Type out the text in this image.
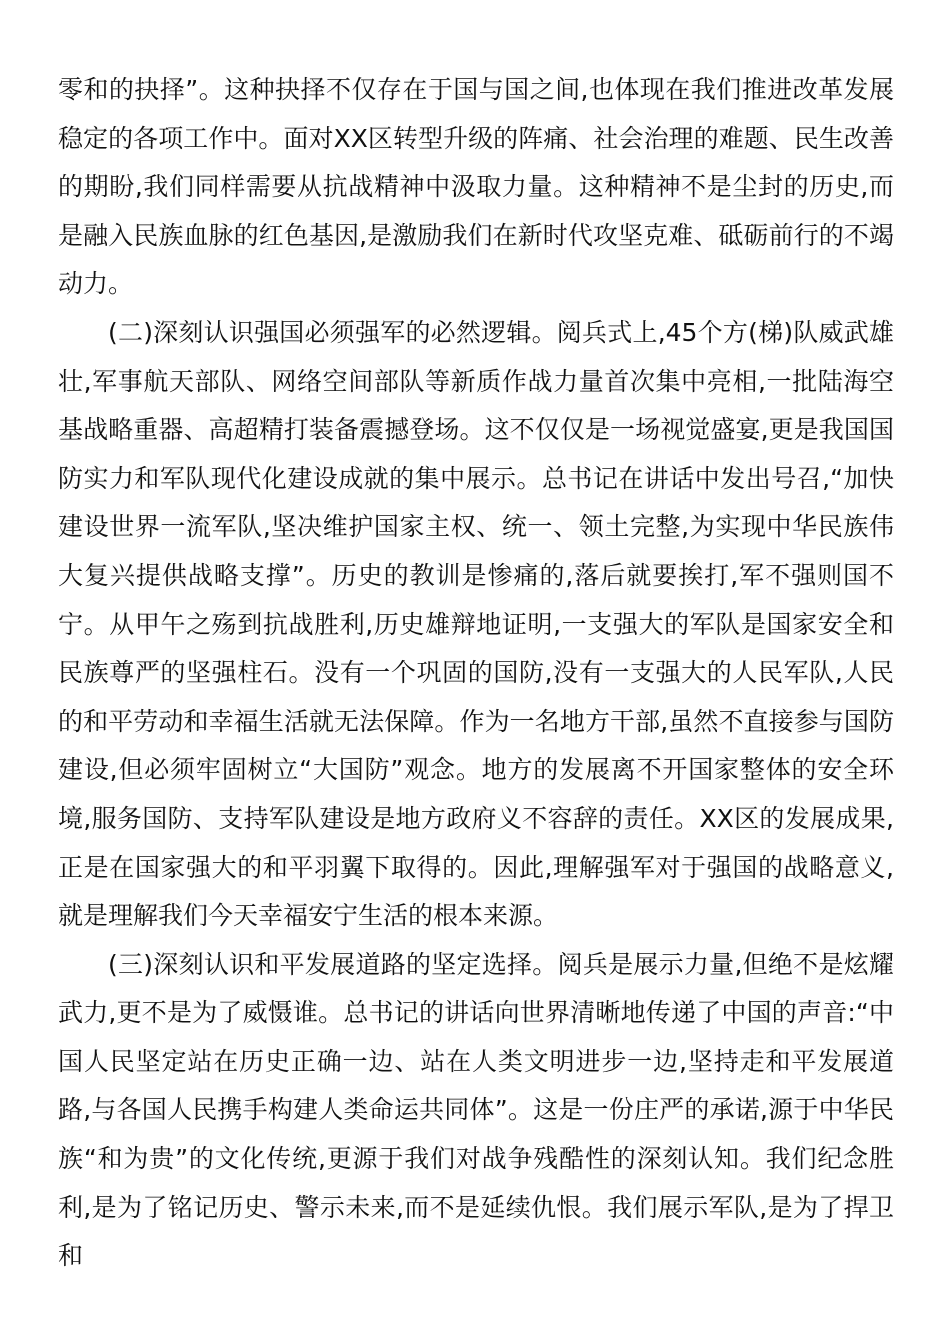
零和的抉择”。这种抉择不仅存在于国与国之间,也体现在我们推进改革发展稳定的各项工作中。面对XX区转型升级的阵痛、社会治理的难题、民生改善的期盼,我们同样需要从抗战精神中汲取力量。这种精神不是尘封的历史,而是融入民族血脉的红色基因,是激励我们在新时代攻坚克难、砥砺前行的不竭动力。

(二)深刻认识强国必须强军的必然逻辑。阅兵式上,45个方(梯)队威武雄壮,军事航天部队、网络空间部队等新质作战力量首次集中亮相,一批陆海空基战略重器、高超精打装备震撼登场。这不仅仅是一场视觉盛宴,更是我国国防实力和军队现代化建设成就的集中展示。总书记在讲话中发出号召,“加快建设世界一流军队,坚决维护国家主权、统一、领土完整,为实现中华民族伟大复兴提供战略支撑”。历史的教训是惨痛的,落后就要挨打,军不强则国不宁。从甲午之殇到抗战胜利,历史雄辩地证明,一支强大的军队是国家安全和民族尊严的坚强柱石。没有一个巩固的国防,没有一支强大的人民军队,人民的和平劳动和幸福生活就无法保障。作为一名地方干部,虽然不直接参与国防建设,但必须牢固树立“大国防”观念。地方的发展离不开国家整体的安全环境,服务国防、支持军队建设是地方政府义不容辞的责任。XX区的发展成果,正是在国家强大的和平羽翼下取得的。因此,理解强军对于强国的战略意义,就是理解我们今天幸福安宁生活的根本来源。

(三)深刻认识和平发展道路的坚定选择。阅兵是展示力量,但绝不是炫耀武力,更不是为了威慑谁。总书记的讲话向世界清晰地传递了中国的声音:“中国人民坚定站在历史正确一边、站在人类文明进步一边,坚持走和平发展道路,与各国人民携手构建人类命运共同体”。这是一份庄严的承诺,源于中华民族“和为贵”的文化传统,更源于我们对战争残酷性的深刻认知。我们纪念胜利,是为了铭记历史、警示未来,而不是延续仇恨。我们展示军队,是为了捍卫和
